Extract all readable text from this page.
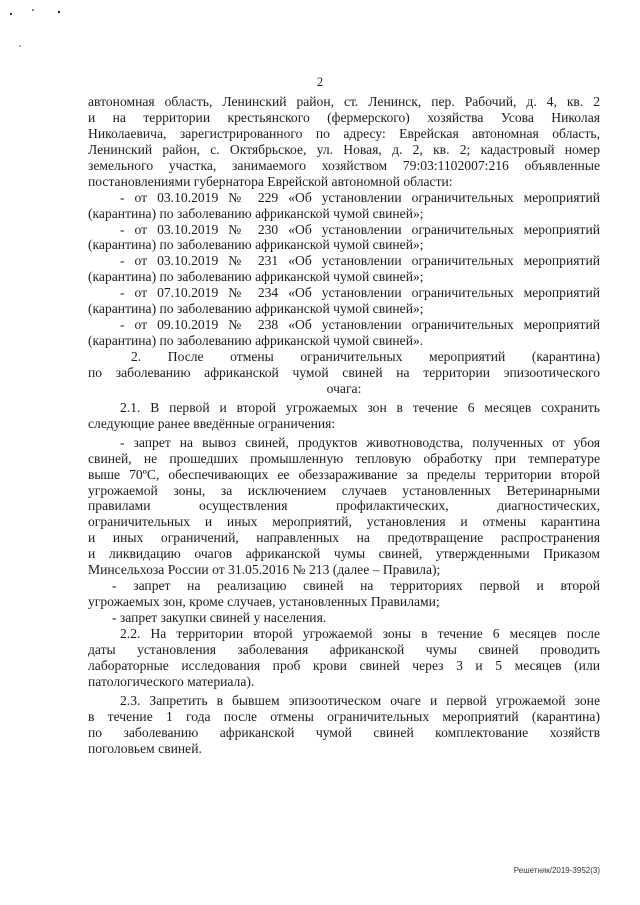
2
автономная область, Ленинский район, ст. Ленинск, пер. Рабочий, д. 4, кв. 2
и на территории крестьянского (фермерского) хозяйства Усова Николая
Николаевича, зарегистрированного по адресу: Еврейская автономная область,
Ленинский район, с. Октябрьское, ул. Новая, д. 2, кв. 2; кадастровый номер
земельного участка, занимаемого хозяйством 79:03:1102007:216 объявленные
постановлениями губернатора Еврейской автономной области:
- от 03.10.2019 № 229 «Об установлении ограничительных мероприятий
(карантина) по заболеванию африканской чумой свиней»;
- от 03.10.2019 № 230 «Об установлении ограничительных мероприятий
(карантина) по заболеванию африканской чумой свиней»;
- от 03.10.2019 № 231 «Об установлении ограничительных мероприятий
(карантина) по заболеванию африканской чумой свиней»;
- от 07.10.2019 № 234 «Об установлении ограничительных мероприятий
(карантина) по заболеванию африканской чумой свиней»;
- от 09.10.2019 № 238 «Об установлении ограничительных мероприятий
(карантина) по заболеванию африканской чумой свиней».
2. После отмены ограничительных мероприятий (карантина)
по заболеванию африканской чумой свиней на территории эпизоотического
очага:
2.1. В первой и второй угрожаемых зон в течение 6 месяцев сохранить
следующие ранее введённые ограничения:
- запрет на вывоз свиней, продуктов животноводства, полученных от убоя
свиней, не прошедших промышленную тепловую обработку при температуре
выше 70ºС, обеспечивающих ее обеззараживание за пределы территории второй
угрожаемой зоны, за исключением случаев установленных Ветеринарными
правилами осуществления профилактических, диагностических,
ограничительных и иных мероприятий, установления и отмены карантина
и иных ограничений, направленных на предотвращение распространения
и ликвидацию очагов африканской чумы свиней, утвержденными Приказом
Минсельхоза России от 31.05.2016 № 213 (далее – Правила);
- запрет на реализацию свиней на территориях первой и второй
угрожаемых зон, кроме случаев, установленных Правилами;
- запрет закупки свиней у населения.
2.2. На территории второй угрожаемой зоны в течение 6 месяцев после
даты установления заболевания африканской чумы свиней проводить
лабораторные исследования проб крови свиней через 3 и 5 месяцев (или
патологического материала).
2.3. Запретить в бывшем эпизоотическом очаге и первой угрожаемой зоне
в течение 1 года после отмены ограничительных мероприятий (карантина)
по заболеванию африканской чумой свиней комплектование хозяйств
поголовьем свиней.
Решетняк/2019-3952(3)
